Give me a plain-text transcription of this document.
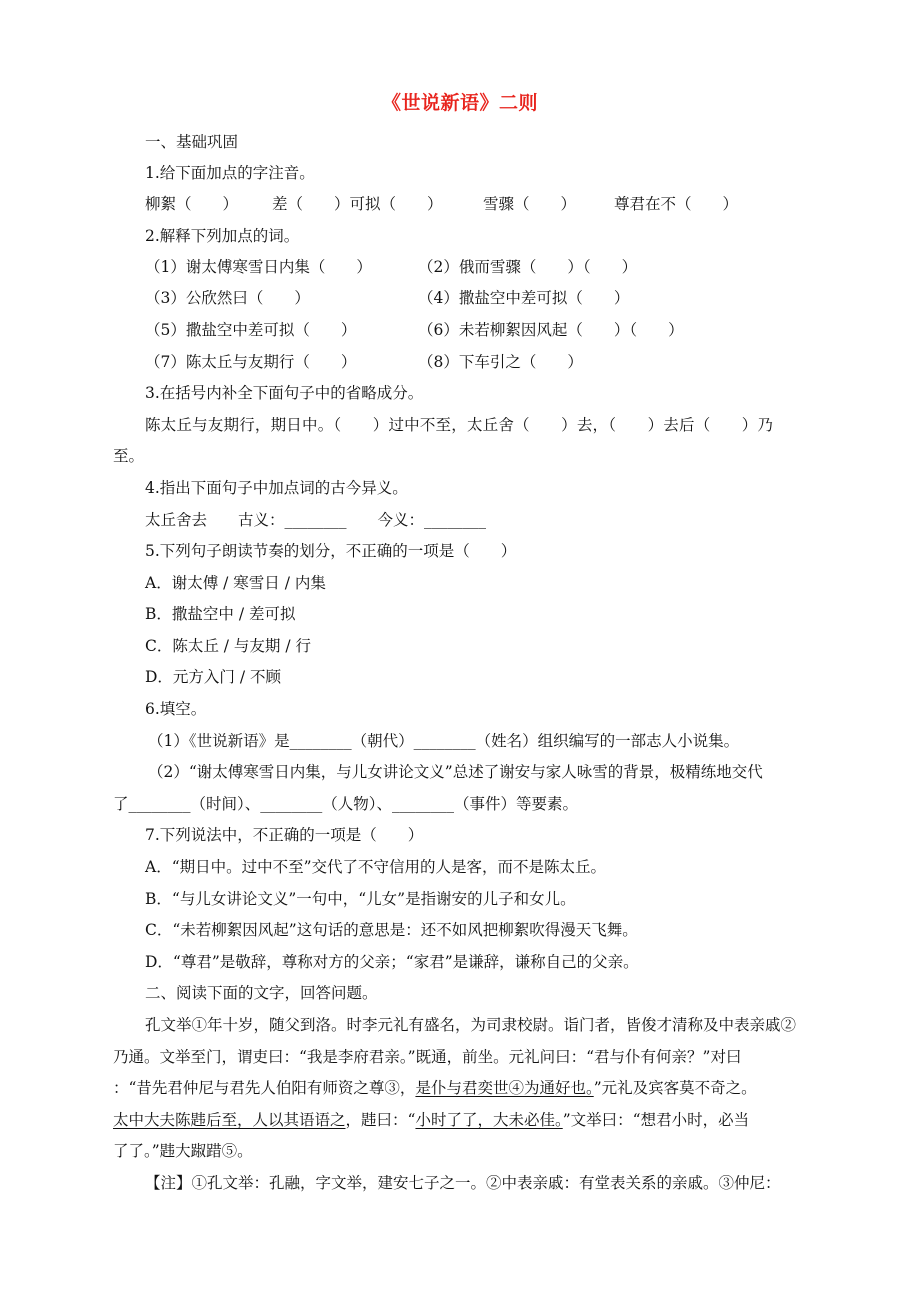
《世说新语》二则
一、基础巩固
1.给下面加点的字注音。
柳絮（　　） 差（　　）可拟（　　）	雪骤（　　） 尊君在不（　　）
2.解释下列加点的词。
（1）谢太傅寒雪日内集（　　）	（2）俄而雪骤（　　）（　　）
（3）公欣然曰（　　）	（4）撒盐空中差可拟（　　）
（5）撒盐空中差可拟（　　）	（6）未若柳絮因风起（　　）（　　）
（7）陈太丘与友期行（　　）	（8）下车引之（　　）
3.在括号内补全下面句子中的省略成分。
陈太丘与友期行，期日中。（　　）过中不至，太丘舍（　　）去，（　　）去后（　　）乃
至。
4.指出下面句子中加点词的古今异义。
太丘舍去　　古义：________　　今义：________
5.下列句子朗读节奏的划分，不正确的一项是（　　）
A．谢太傅 / 寒雪日 / 内集
B．撒盐空中 / 差可拟
C．陈太丘 / 与友期 / 行
D．元方入门 / 不顾
6.填空。
（1）《世说新语》是________（朝代）________（姓名）组织编写的一部志人小说集。
（2）“谢太傅寒雪日内集，与儿女讲论文义”总述了谢安与家人咏雪的背景，极精练地交代
了________（时间）、________（人物）、________（事件）等要素。
7.下列说法中，不正确的一项是（　　）
A．“期日中。过中不至”交代了不守信用的人是客，而不是陈太丘。
B．“与儿女讲论文义”一句中，“儿女”是指谢安的儿子和女儿。
C．“未若柳絮因风起”这句话的意思是：还不如风把柳絮吹得漫天飞舞。
D．“尊君”是敬辞，尊称对方的父亲；“家君”是谦辞，谦称自己的父亲。
二、阅读下面的文字，回答问题。
孔文举①年十岁，随父到洛。时李元礼有盛名，为司隶校尉。诣门者，皆俊才清称及中表亲戚②
乃通。文举至门，谓吏曰：“我是李府君亲。”既通，前坐。元礼问曰：“君与仆有何亲？”对曰
：“昔先君仲尼与君先人伯阳有师资之尊③，是仆与君奕世④为通好也。”元礼及宾客莫不奇之。
太中大夫陈韪后至，人以其语语之，韪曰：“小时了了，大未必佳。”文举曰：“想君小时，必当
了了。”韪大踧踖⑤。
【注】①孔文举：孔融，字文举，建安七子之一。②中表亲戚：有堂表关系的亲戚。③仲尼：
